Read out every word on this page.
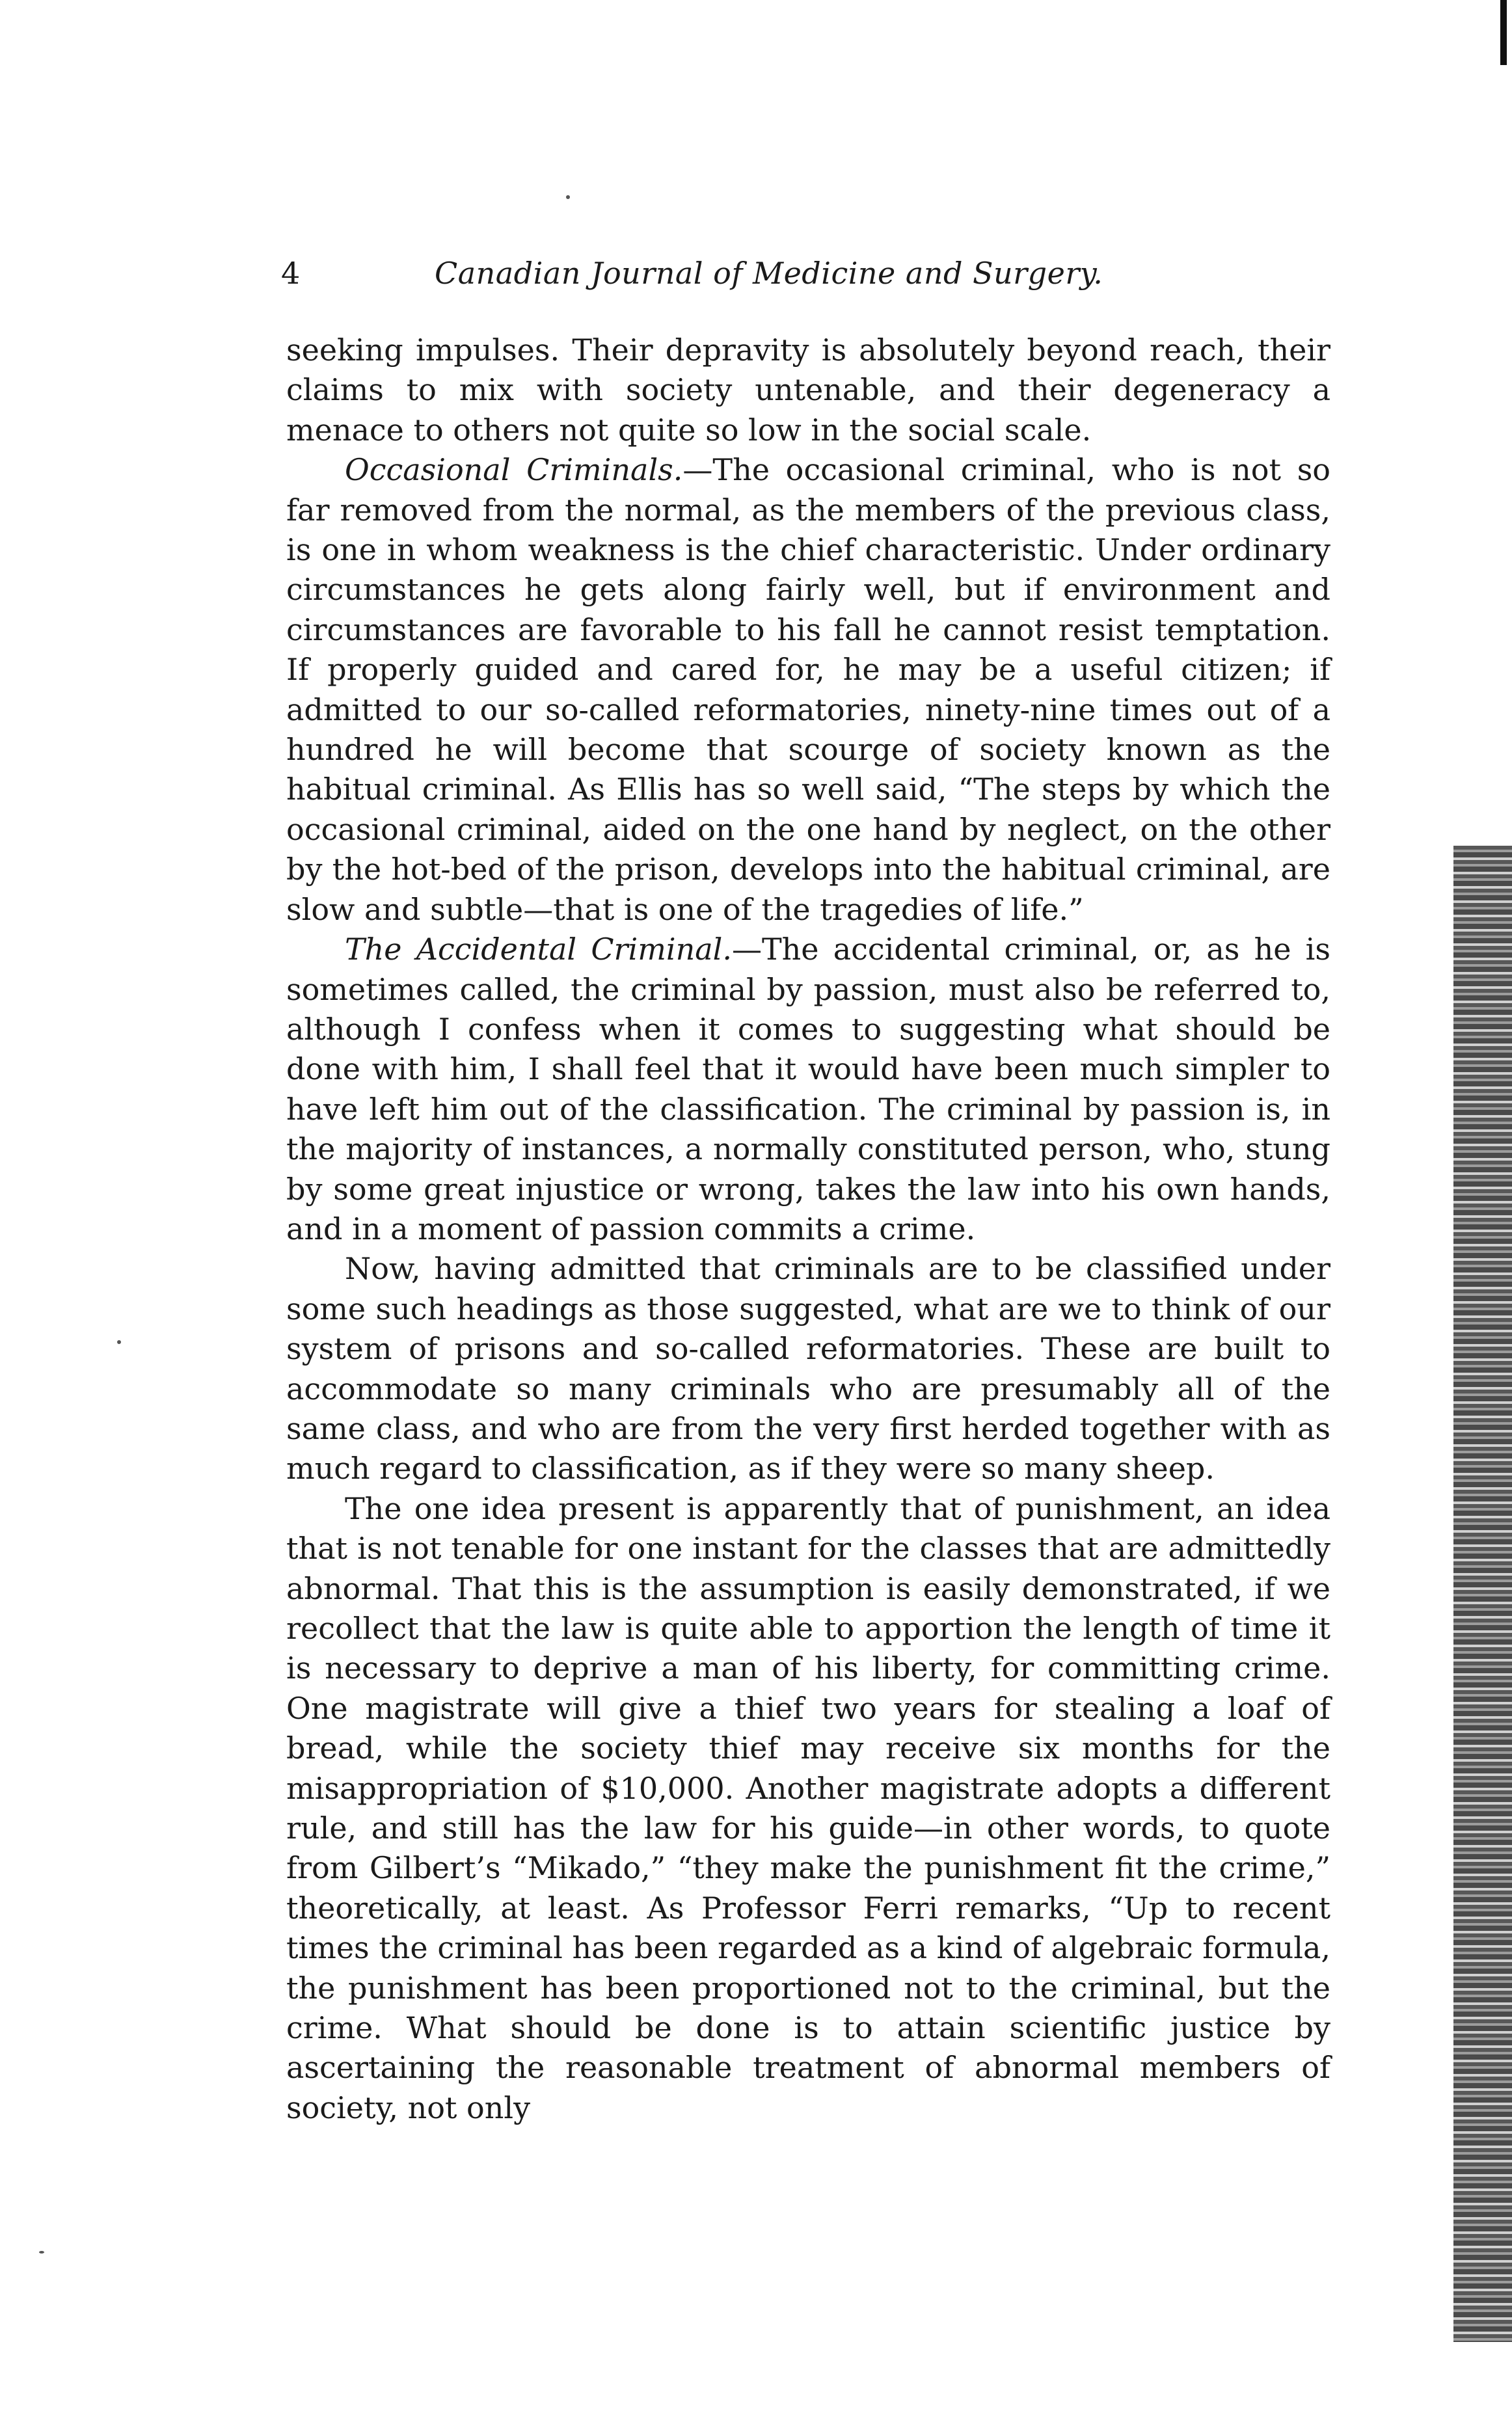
4	Canadian Journal of Medicine and Surgery.

seeking impulses. Their depravity is absolutely beyond reach, their claims to mix with society untenable, and their degeneracy a menace to others not quite so low in the social scale.

Occasional Criminals.—The occasional criminal, who is not so far removed from the normal, as the members of the previous class, is one in whom weakness is the chief characteristic. Under ordinary circumstances he gets along fairly well, but if environment and circumstances are favorable to his fall he cannot resist temptation. If properly guided and cared for, he may be a useful citizen; if admitted to our so-called reformatories, ninety-nine times out of a hundred he will become that scourge of society known as the habitual criminal. As Ellis has so well said, “The steps by which the occasional criminal, aided on the one hand by neglect, on the other by the hot-bed of the prison, develops into the habitual criminal, are slow and subtle—that is one of the tragedies of life.”

The Accidental Criminal.—The accidental criminal, or, as he is sometimes called, the criminal by passion, must also be referred to, although I confess when it comes to suggesting what should be done with him, I shall feel that it would have been much simpler to have left him out of the classification. The criminal by passion is, in the majority of instances, a normally constituted person, who, stung by some great injustice or wrong, takes the law into his own hands, and in a moment of passion commits a crime.

Now, having admitted that criminals are to be classified under some such headings as those suggested, what are we to think of our system of prisons and so-called reformatories. These are built to accommodate so many criminals who are presumably all of the same class, and who are from the very first herded together with as much regard to classification, as if they were so many sheep.

The one idea present is apparently that of punishment, an idea that is not tenable for one instant for the classes that are admittedly abnormal. That this is the assumption is easily demonstrated, if we recollect that the law is quite able to apportion the length of time it is necessary to deprive a man of his liberty, for committing crime. One magistrate will give a thief two years for stealing a loaf of bread, while the society thief may receive six months for the misappropriation of $10,000. Another magistrate adopts a different rule, and still has the law for his guide—in other words, to quote from Gilbert’s “Mikado,” “they make the punishment fit the crime,” theoretically, at least. As Professor Ferri remarks, “Up to recent times the criminal has been regarded as a kind of algebraic formula, the punishment has been proportioned not to the criminal, but the crime. What should be done is to attain scientific justice by ascertaining the reasonable treatment of abnormal members of society, not only
